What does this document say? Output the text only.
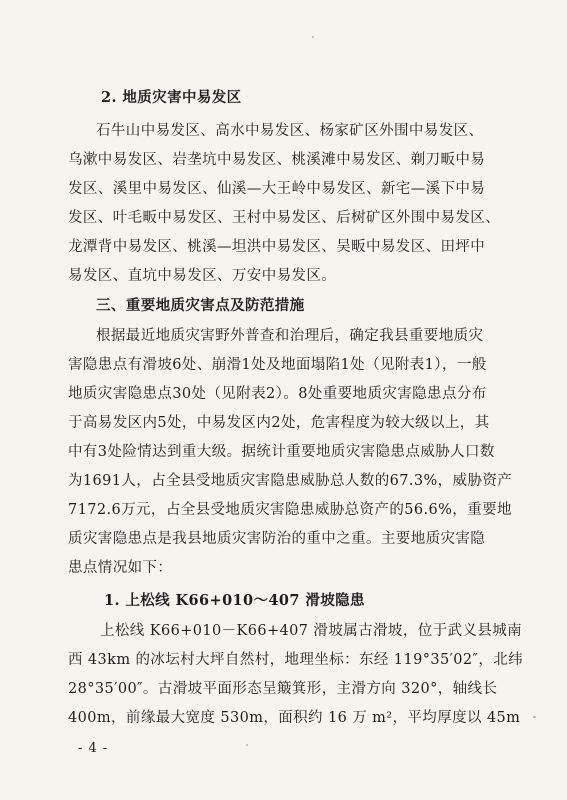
2. 地质灾害中易发区
石牛山中易发区、高水中易发区、杨家矿区外围中易发区、
乌漱中易发区、岩垄坑中易发区、桃溪滩中易发区、剃刀畈中易
发区、溪里中易发区、仙溪—大王岭中易发区、新宅—溪下中易
发区、叶毛畈中易发区、王村中易发区、后树矿区外围中易发区、
龙潭背中易发区、桃溪—坦洪中易发区、吴畈中易发区、田坪中
易发区、直坑中易发区、万安中易发区。
三、重要地质灾害点及防范措施
根据最近地质灾害野外普查和治理后，确定我县重要地质灾
害隐患点有滑坡6处、崩滑1处及地面塌陷1处（见附表1），一般
地质灾害隐患点30处（见附表2）。8处重要地质灾害隐患点分布
于高易发区内5处，中易发区内2处，危害程度为较大级以上，其
中有3处险情达到重大级。据统计重要地质灾害隐患点威胁人口数
为1691人，占全县受地质灾害隐患威胁总人数的67.3%，威胁资产
7172.6万元，占全县受地质灾害隐患威胁总资产的56.6%，重要地
质灾害隐患点是我县地质灾害防治的重中之重。主要地质灾害隐
患点情况如下：
1. 上松线 K66+010～407 滑坡隐患
上松线 K66+010－K66+407 滑坡属古滑坡，位于武义县城南
西 43km 的冰坛村大坪自然村，地理坐标：东经 119°35′02″，北纬
28°35′00″。古滑坡平面形态呈簸箕形，主滑方向 320°，轴线长
400m，前缘最大宽度 530m，面积约 16 万 m²，平均厚度以 45m
- 4 -
